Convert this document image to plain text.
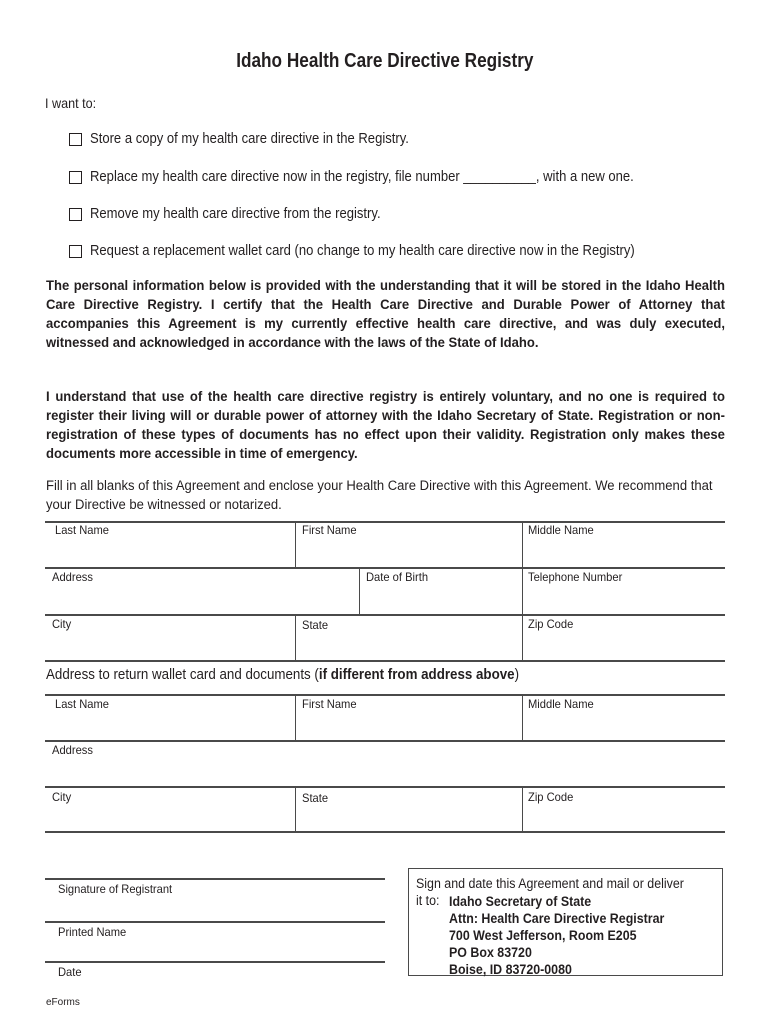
Idaho Health Care Directive Registry
I want to:
Store a copy of my health care directive in the Registry.
Replace my health care directive now in the registry, file number __________, with a new one.
Remove my health care directive from the registry.
Request a replacement wallet card (no change to my health care directive now in the Registry)
The personal information below is provided with the understanding that it will be stored in the Idaho Health Care Directive Registry. I certify that the Health Care Directive and Durable Power of Attorney that accompanies this Agreement is my currently effective health care directive, and was duly executed, witnessed and acknowledged in accordance with the laws of the State of Idaho.
I understand that use of the health care directive registry is entirely voluntary, and no one is required to register their living will or durable power of attorney with the Idaho Secretary of State. Registration or non-registration of these types of documents has no effect upon their validity. Registration only makes these documents more accessible in time of emergency.
Fill in all blanks of this Agreement and enclose your Health Care Directive with this Agreement. We recommend that your Directive be witnessed or notarized.
Last Name	First Name	Middle Name
Address	Date of Birth	Telephone Number
City	State	Zip Code
Address to return wallet card and documents (if different from address above)
Last Name	First Name	Middle Name
Address
City	State	Zip Code
Signature of Registrant
Printed Name
Date
Sign and date this Agreement and mail or deliver
it to: Idaho Secretary of State
Attn: Health Care Directive Registrar
700 West Jefferson, Room E205
PO Box 83720
Boise, ID 83720-0080
eForms
